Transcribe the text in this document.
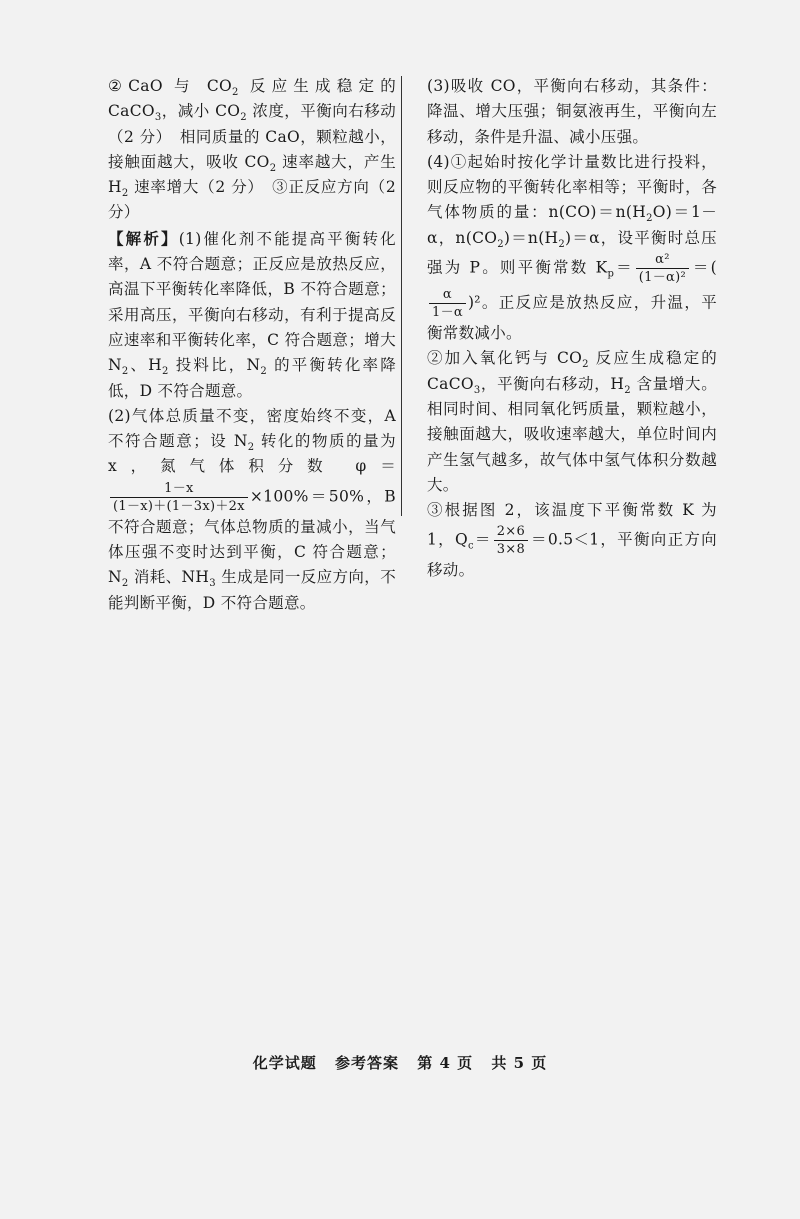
②CaO 与 $CO_2$ 反应生成稳定的 CaCO$_3$，减小 $CO_2$ 浓度，平衡向右移动（2 分）　相同质量的 CaO，颗粒越小，接触面越大，吸收 $CO_2$ 速率越大，产生 $H_2$ 速率增大（2 分）　③正反应方向（2 分）

【解析】(1)催化剂不能提高平衡转化率，A 不符合题意；正反应是放热反应，高温下平衡转化率降低，B 不符合题意；采用高压，平衡向右移动，有利于提高反应速率和平衡转化率，C 符合题意；增大 $N_2$、$H_2$ 投料比，$N_2$ 的平衡转化率降低，D 不符合题意。

(2)气体总质量不变，密度始终不变，A 不符合题意；设 $N_2$ 转化的物质的量为 x，氮气体积分数 φ＝
$\frac{1-x}{(1-x)+(1-3x)+2x} \times 100\%=50\%$，B 不符合题意；气体总物质的量减小，当气体压强不变时达到平衡，C 符合题意；$N_2$ 消耗、$NH_3$ 生成是同一反应方向，不能判断平衡，D 不符合题意。

(3)吸收 CO，平衡向右移动，其条件：降温、增大压强；铜氨液再生，平衡向左移动，条件是升温、减小压强。

(4)①起始时按化学计量数比进行投料，则反应物的平衡转化率相等；平衡时，各气体物质的量：$n(CO)=n(H_2O)=1-\alpha$，$n(CO_2)=n(H_2)=\alpha$，设平衡时总压强为 P。则平衡常数 $K_p= \frac{\text{α²}}{\text{(1－α)²}}$ ＝(
$\frac{\alpha}{1-\alpha} )^2$。正反应是放热反应，升温，平衡常数减小。

②加入氧化钙与 $CO_2$ 反应生成稳定的 CaCO$_3$，平衡向右移动，$H_2$ 含量增大。相同时间、相同氧化钙质量，颗粒越小，接触面越大，吸收速率越大，单位时间内产生氢气越多，故气体中氢气体积分数越大。

③根据图 2，该温度下平衡常数 K 为 1，$Q_c= \frac{2\times 6}{3\times 8} =0.5<1$，平衡向正方向移动。

化学试题 参考答案 第 4 页 共 5 页
